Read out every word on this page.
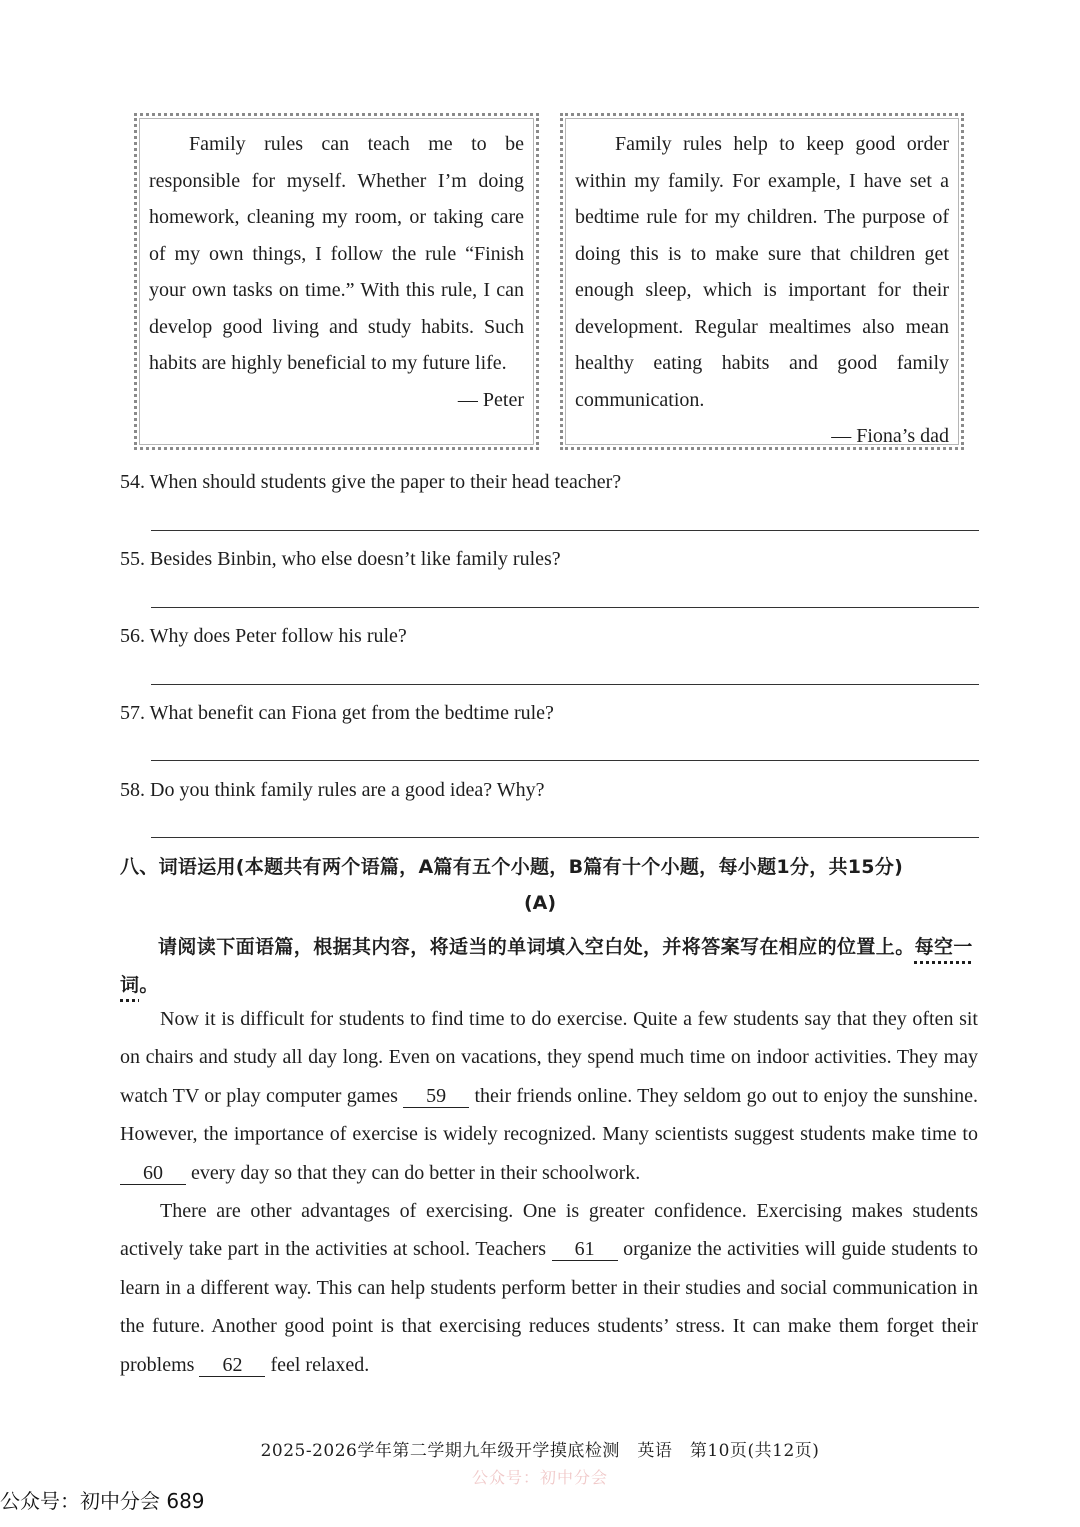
Family rules can teach me to be responsible for myself. Whether I’m doing homework, cleaning my room, or taking care of my own things, I follow the rule “Finish your own tasks on time.” With this rule, I can develop good living and study habits. Such habits are highly beneficial to my future life.

— Peter

Family rules help to keep good order within my family. For example, I have set a bedtime rule for my children. The purpose of doing this is to make sure that children get enough sleep, which is important for their development. Regular mealtimes also mean healthy eating habits and good family communication.

— Fiona’s dad

54. When should students give the paper to their head teacher?
55. Besides Binbin, who else doesn’t like family rules?
56. Why does Peter follow his rule?
57. What benefit can Fiona get from the bedtime rule?
58. Do you think family rules are a good idea? Why?
八、词语运用(本题共有两个语篇，A篇有五个小题，B篇有十个小题，每小题1分，共15分)
(A)
请阅读下面语篇，根据其内容，将适当的单词填入空白处，并将答案写在相应的位置上。每空一词。

Now it is difficult for students to find time to do exercise. Quite a few students say that they often sit on chairs and study all day long. Even on vacations, they spend much time on indoor activities. They may watch TV or play computer games 59 their friends online. They seldom go out to enjoy the sunshine. However, the importance of exercise is widely recognized. Many scientists suggest students make time to 60 every day so that they can do better in their schoolwork.

There are other advantages of exercising. One is greater confidence. Exercising makes students actively take part in the activities at school. Teachers 61 organize the activities will guide students to learn in a different way. This can help students perform better in their studies and social communication in the future. Another good point is that exercising reduces students’ stress. It can make them forget their problems 62 feel relaxed.

2025-2026学年第二学期九年级开学摸底检测　英语　第10页(共12页)
公众号：初中分会
公众号：初中分会 689
